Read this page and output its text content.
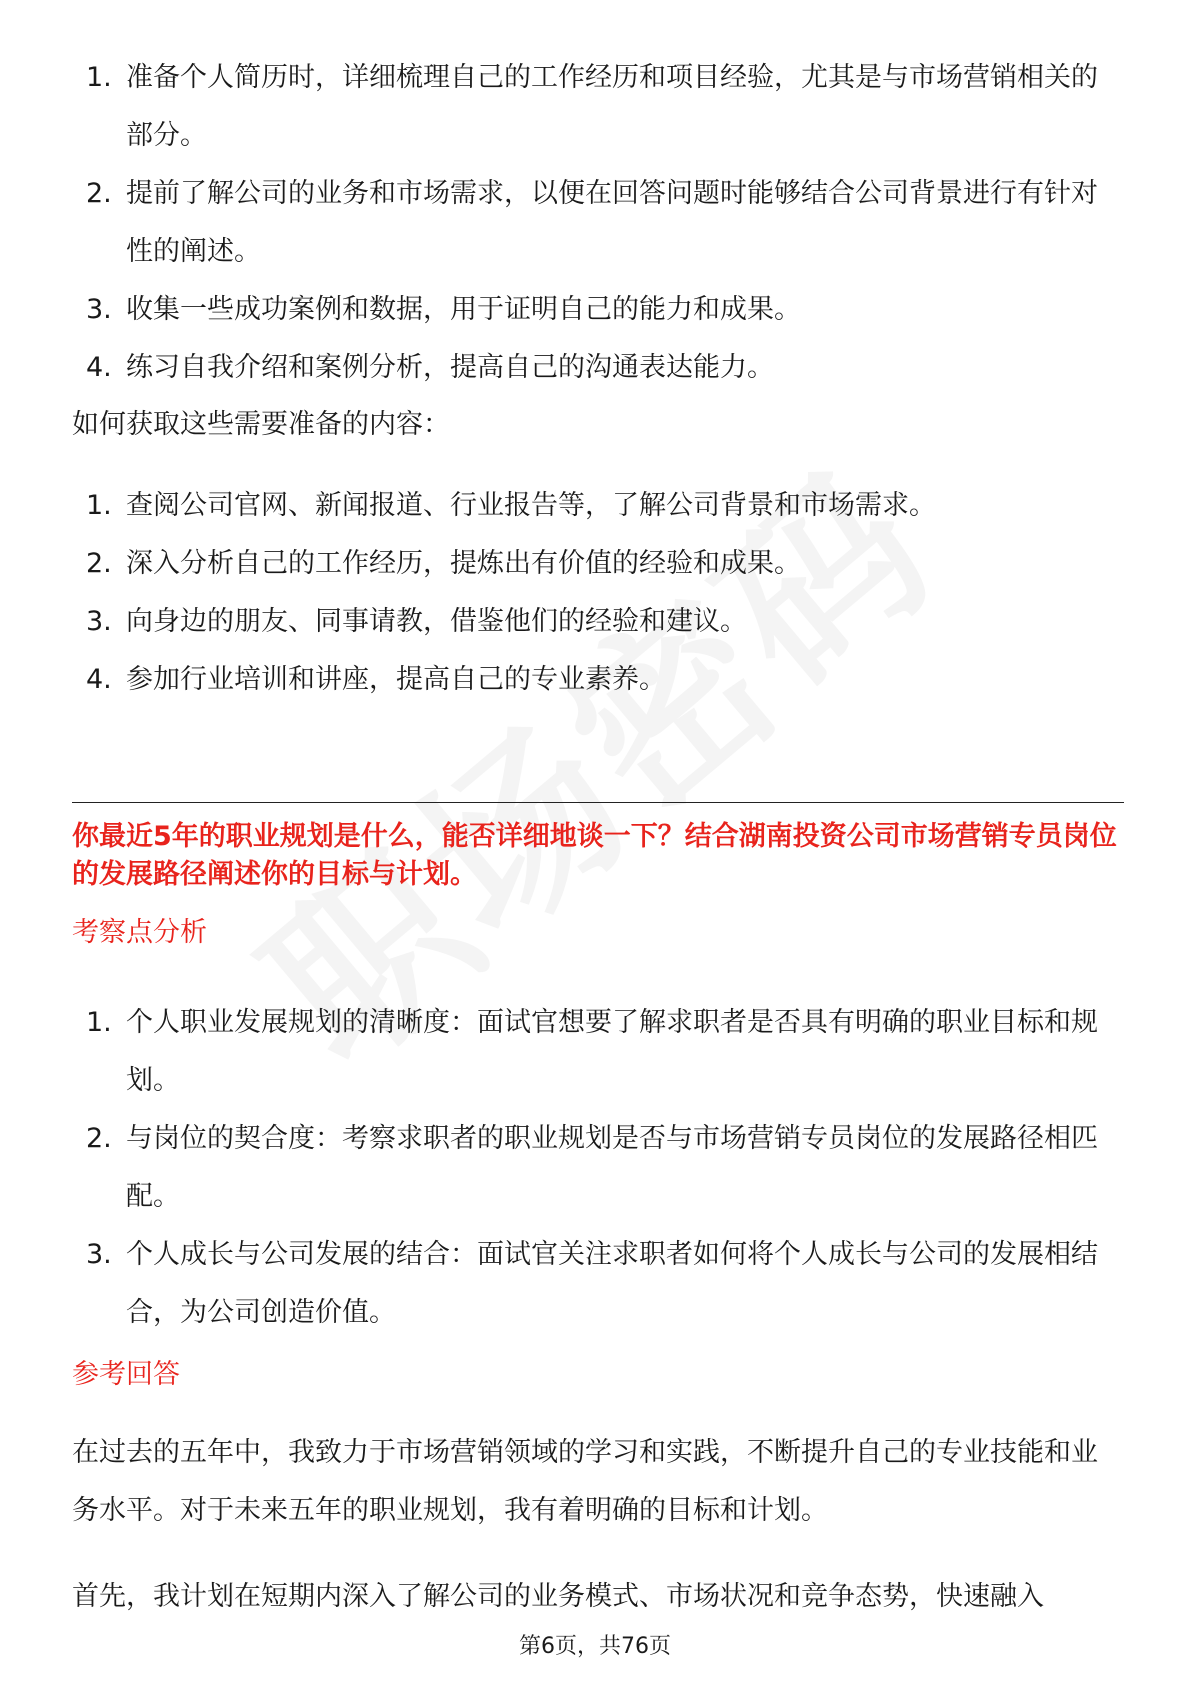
1. 准备个人简历时，详细梳理自己的工作经历和项目经验，尤其是与市场营销相关的部分。
2. 提前了解公司的业务和市场需求，以便在回答问题时能够结合公司背景进行有针对性的阐述。
3. 收集一些成功案例和数据，用于证明自己的能力和成果。
4. 练习自我介绍和案例分析，提高自己的沟通表达能力。

如何获取这些需要准备的内容：

1. 查阅公司官网、新闻报道、行业报告等，了解公司背景和市场需求。
2. 深入分析自己的工作经历，提炼出有价值的经验和成果。
3. 向身边的朋友、同事请教，借鉴他们的经验和建议。
4. 参加行业培训和讲座，提高自己的专业素养。

你最近5年的职业规划是什么，能否详细地谈一下？结合湖南投资公司市场营销专员岗位的发展路径阐述你的目标与计划。

考察点分析

1. 个人职业发展规划的清晰度：面试官想要了解求职者是否具有明确的职业目标和规划。
2. 与岗位的契合度：考察求职者的职业规划是否与市场营销专员岗位的发展路径相匹配。
3. 个人成长与公司发展的结合：面试官关注求职者如何将个人成长与公司的发展相结合，为公司创造价值。

参考回答

在过去的五年中，我致力于市场营销领域的学习和实践，不断提升自己的专业技能和业务水平。对于未来五年的职业规划，我有着明确的目标和计划。

首先，我计划在短期内深入了解公司的业务模式、市场状况和竞争态势，快速融入

第6页，共76页
